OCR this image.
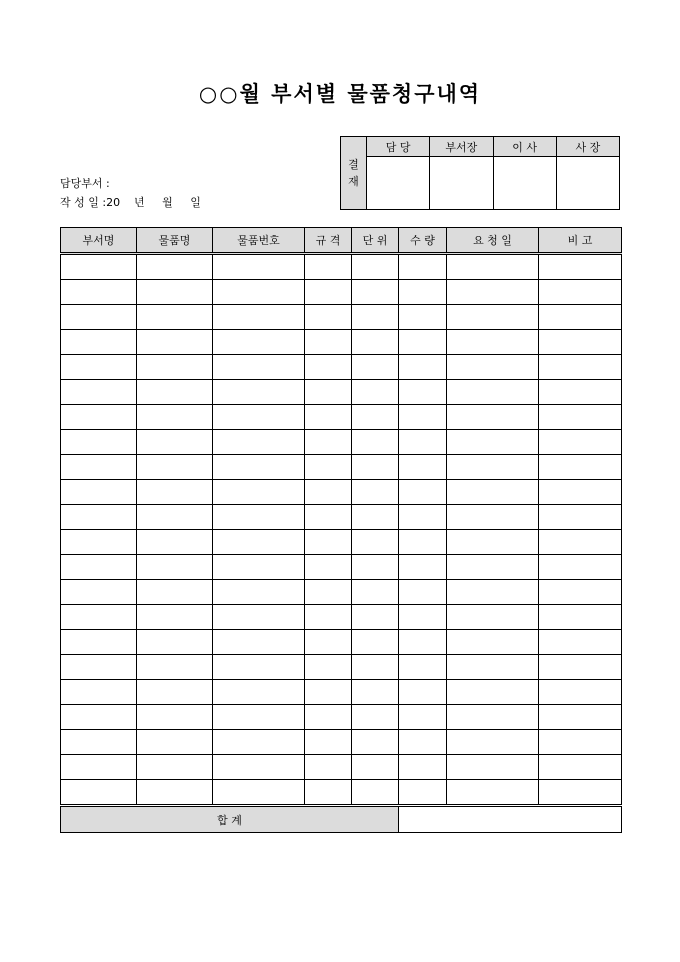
○○월 부서별 물품청구내역
담당부서 :
작 성 일 :20    년     월     일
결
재	담 당	부서장	이 사	사 장

부서명	물품명	물품번호	규 격	단 위	수 량	요 청 일	비 고

합 계							
